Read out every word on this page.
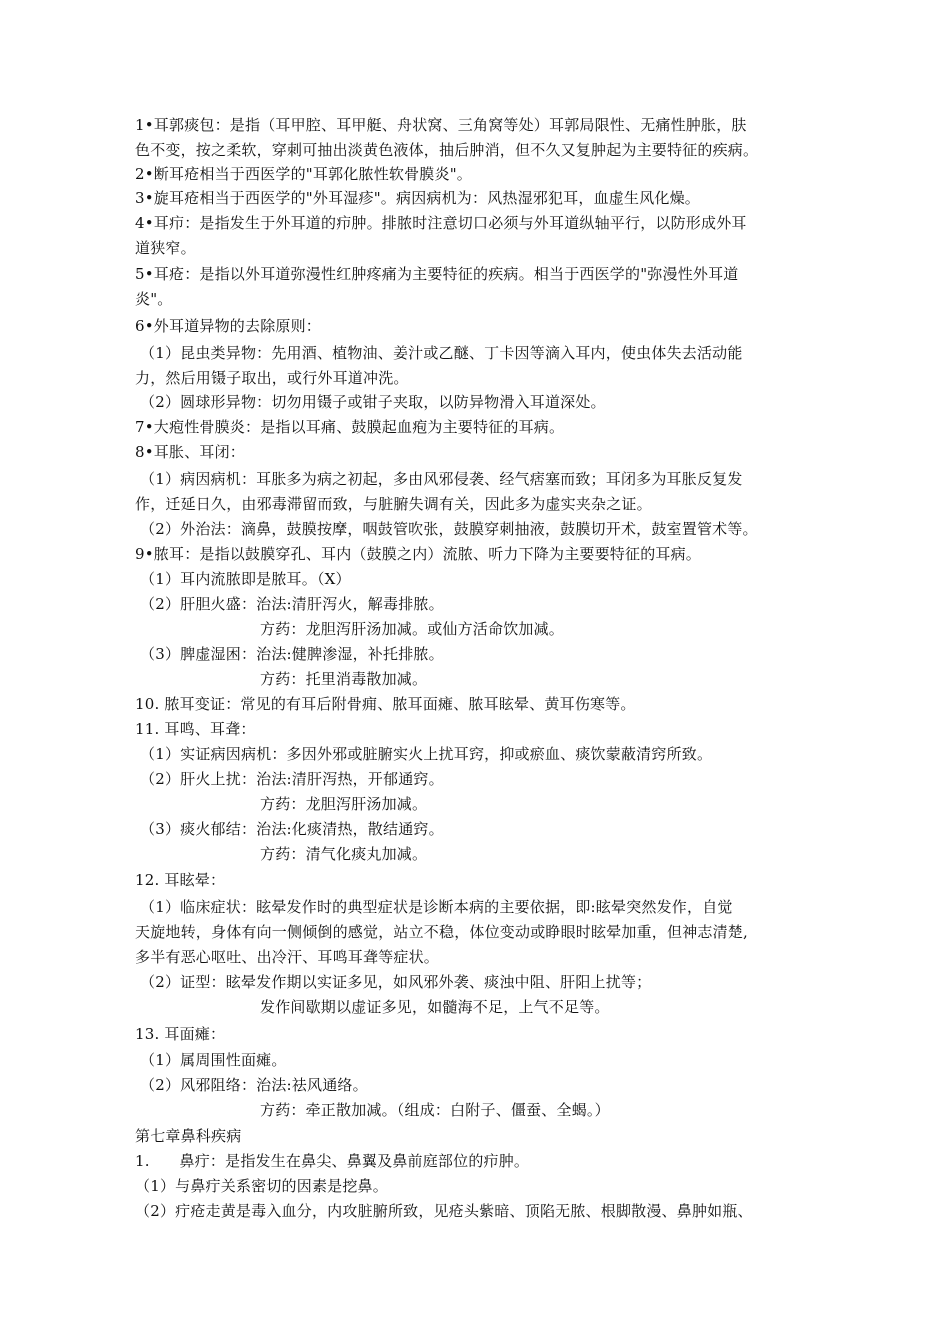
1•耳郭痰包：是指（耳甲腔、耳甲艇、舟状窝、三角窝等处）耳郭局限性、无痛性肿胀，肤
色不变，按之柔软，穿刺可抽出淡黄色液体，抽后肿消，但不久又复肿起为主要特征的疾病。
2•断耳疮相当于西医学的"耳郭化脓性软骨膜炎"。
3•旋耳疮相当于西医学的"外耳湿疹"。病因病机为：风热湿邪犯耳，血虚生风化燥。
4•耳疖：是指发生于外耳道的疖肿。排脓时注意切口必须与外耳道纵轴平行，以防形成外耳
道狭窄。
5•耳疮：是指以外耳道弥漫性红肿疼痛为主要特征的疾病。相当于西医学的"弥漫性外耳道
炎"。
6•外耳道异物的去除原则：
（1）昆虫类异物：先用酒、植物油、姜汁或乙醚、丁卡因等滴入耳内，使虫体失去活动能
力，然后用镊子取出，或行外耳道冲洗。
（2）圆球形异物：切勿用镊子或钳子夹取，以防异物滑入耳道深处。
7•大疱性骨膜炎：是指以耳痛、鼓膜起血疱为主要特征的耳病。
8•耳胀、耳闭：
（1）病因病机：耳胀多为病之初起，多由风邪侵袭、经气痞塞而致；耳闭多为耳胀反复发
作，迁延日久，由邪毒滞留而致，与脏腑失调有关，因此多为虚实夹杂之证。
（2）外治法：滴鼻，鼓膜按摩，咽鼓管吹张，鼓膜穿刺抽液，鼓膜切开术，鼓室置管术等。
9•脓耳：是指以鼓膜穿孔、耳内（鼓膜之内）流脓、听力下降为主要要特征的耳病。
（1）耳内流脓即是脓耳。（X）
（2）肝胆火盛：治法:清肝泻火，解毒排脓。
方药：龙胆泻肝汤加减。或仙方活命饮加减。
（3）脾虚湿困：治法:健脾渗湿，补托排脓。
方药：托里消毒散加减。
10. 脓耳变证：常见的有耳后附骨痈、脓耳面瘫、脓耳眩晕、黄耳伤寒等。
11. 耳鸣、耳聋：
（1）实证病因病机：多因外邪或脏腑实火上扰耳窍，抑或瘀血、痰饮蒙蔽清窍所致。
（2）肝火上扰：治法:清肝泻热，开郁通窍。
方药：龙胆泻肝汤加减。
（3）痰火郁结：治法:化痰清热，散结通窍。
方药：清气化痰丸加减。
12. 耳眩晕：
（1）临床症状：眩晕发作时的典型症状是诊断本病的主要依据，即:眩晕突然发作，自觉
天旋地转，身体有向一侧倾倒的感觉，站立不稳，体位变动或睁眼时眩晕加重，但神志清楚,
多半有恶心呕吐、出冷汗、耳鸣耳聋等症状。
（2）证型：眩晕发作期以实证多见，如风邪外袭、痰浊中阻、肝阳上扰等；
发作间歇期以虚证多见，如髓海不足，上气不足等。
13. 耳面瘫：
（1）属周围性面瘫。
（2）风邪阻络：治法:祛风通络。
方药：牵正散加减。（组成：白附子、僵蚕、全蝎。）
第七章鼻科疾病
1.      鼻疔：是指发生在鼻尖、鼻翼及鼻前庭部位的疖肿。
（1）与鼻疔关系密切的因素是挖鼻。
（2）疔疮走黄是毒入血分，内攻脏腑所致，见疮头紫暗、顶陷无脓、根脚散漫、鼻肿如瓶、
